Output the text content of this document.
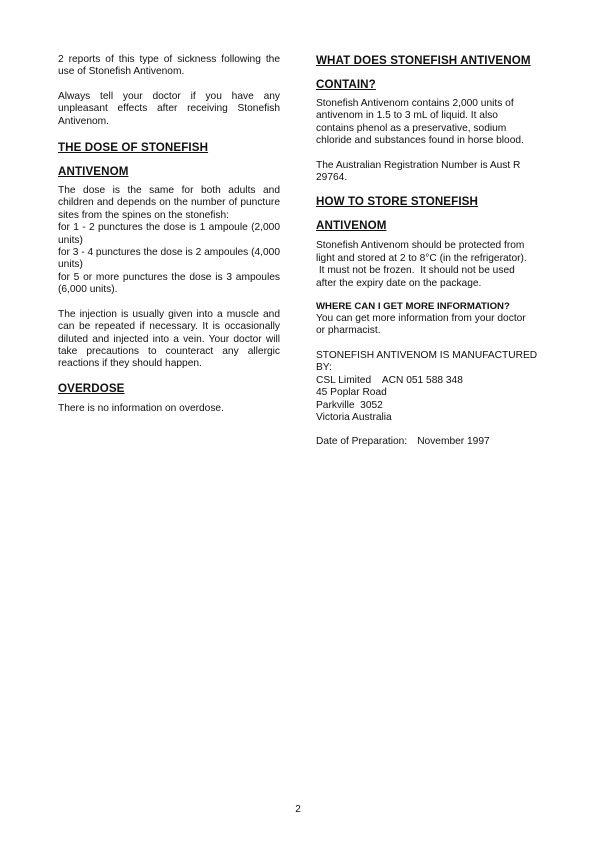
2 reports of this type of sickness following the use of Stonefish Antivenom.

Always tell your doctor if you have any unpleasant effects after receiving Stonefish Antivenom.

THE DOSE OF STONEFISH

ANTIVENOM

The dose is the same for both adults and children and depends on the number of puncture sites from the spines on the stonefish:

for 1 - 2 punctures the dose is 1 ampoule (2,000 units)

for 3 - 4 punctures the dose is 2 ampoules (4,000 units)

for 5 or more punctures the dose is 3 ampoules (6,000 units).

The injection is usually given into a muscle and can be repeated if necessary. It is occasionally diluted and injected into a vein. Your doctor will take precautions to counteract any allergic reactions if they should happen.

OVERDOSE

There is no information on overdose.

WHAT DOES STONEFISH ANTIVENOM

CONTAIN?

Stonefish Antivenom contains 2,000 units of
antivenom in 1.5 to 3 mL of liquid. It also
contains phenol as a preservative, sodium
chloride and substances found in horse blood.

The Australian Registration Number is Aust R
29764.

HOW TO STORE STONEFISH

ANTIVENOM

Stonefish Antivenom should be protected from
light and stored at 2 to 8°C (in the refrigerator).
It must not be frozen.  It should not be used
after the expiry date on the package.

WHERE CAN I GET MORE INFORMATION?

You can get more information from your doctor
or pharmacist.

STONEFISH ANTIVENOM IS MANUFACTURED
BY:
CSL Limited    ACN 051 588 348
45 Poplar Road
Parkville  3052
Victoria Australia

Date of Preparation: November 1997

2
